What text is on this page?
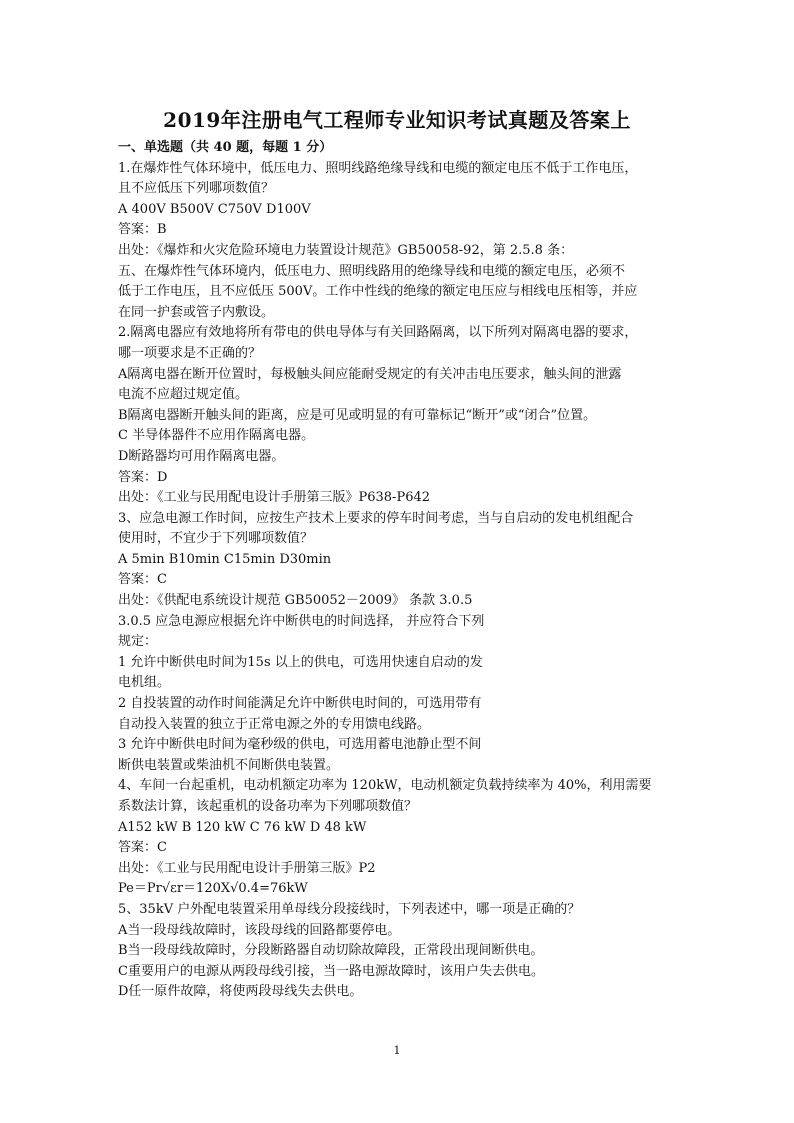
2019年注册电气工程师专业知识考试真题及答案上
一、单选题（共 40 题，每题 1 分）
1.在爆炸性气体环境中，低压电力、照明线路绝缘导线和电缆的额定电压不低于工作电压，
且不应低压下列哪项数值？
A 400V B500V C750V D100V
答案：B
出处：《爆炸和火灾危险环境电力装置设计规范》GB50058-92，第 2.5.8 条：
五、在爆炸性气体环境内，低压电力、照明线路用的绝缘导线和电缆的额定电压，必须不
低于工作电压，且不应低压 500V。工作中性线的绝缘的额定电压应与相线电压相等，并应
在同一护套或管子内敷设。
2.隔离电器应有效地将所有带电的供电导体与有关回路隔离，以下所列对隔离电器的要求，
哪一项要求是不正确的？
A隔离电器在断开位置时，每极触头间应能耐受规定的有关冲击电压要求，触头间的泄露
电流不应超过规定值。
B隔离电器断开触头间的距离，应是可见或明显的有可靠标记“断开”或“闭合”位置。
C 半导体器件不应用作隔离电器。
D断路器均可用作隔离电器。
答案：D
出处：《工业与民用配电设计手册第三版》P638-P642
3、应急电源工作时间，应按生产技术上要求的停车时间考虑，当与自启动的发电机组配合
使用时，不宜少于下列哪项数值？
A 5min B10min C15min D30min
答案：C
出处：《供配电系统设计规范 GB50052－2009》 条款 3.0.5
3.0.5 应急电源应根据允许中断供电的时间选择， 并应符合下列
规定：
1 允许中断供电时间为15s 以上的供电，可选用快速自启动的发
电机组。
2 自投装置的动作时间能满足允许中断供电时间的，可选用带有
自动投入装置的独立于正常电源之外的专用馈电线路。
3 允许中断供电时间为毫秒级的供电，可选用蓄电池静止型不间
断供电装置或柴油机不间断供电装置。
4、车间一台起重机，电动机额定功率为 120kW，电动机额定负载持续率为 40%，利用需要
系数法计算，该起重机的设备功率为下列哪项数值？
A152 kW B 120 kW C 76 kW D 48 kW
答案：C
出处：《工业与民用配电设计手册第三版》P2
Pe＝Pr√εr＝120X√0.4=76kW
5、35kV 户外配电装置采用单母线分段接线时，下列表述中，哪一项是正确的？
A当一段母线故障时，该段母线的回路都要停电。
B当一段母线故障时，分段断路器自动切除故障段，正常段出现间断供电。
C重要用户的电源从两段母线引接，当一路电源故障时，该用户失去供电。
D任一原件故障，将使两段母线失去供电。
1
